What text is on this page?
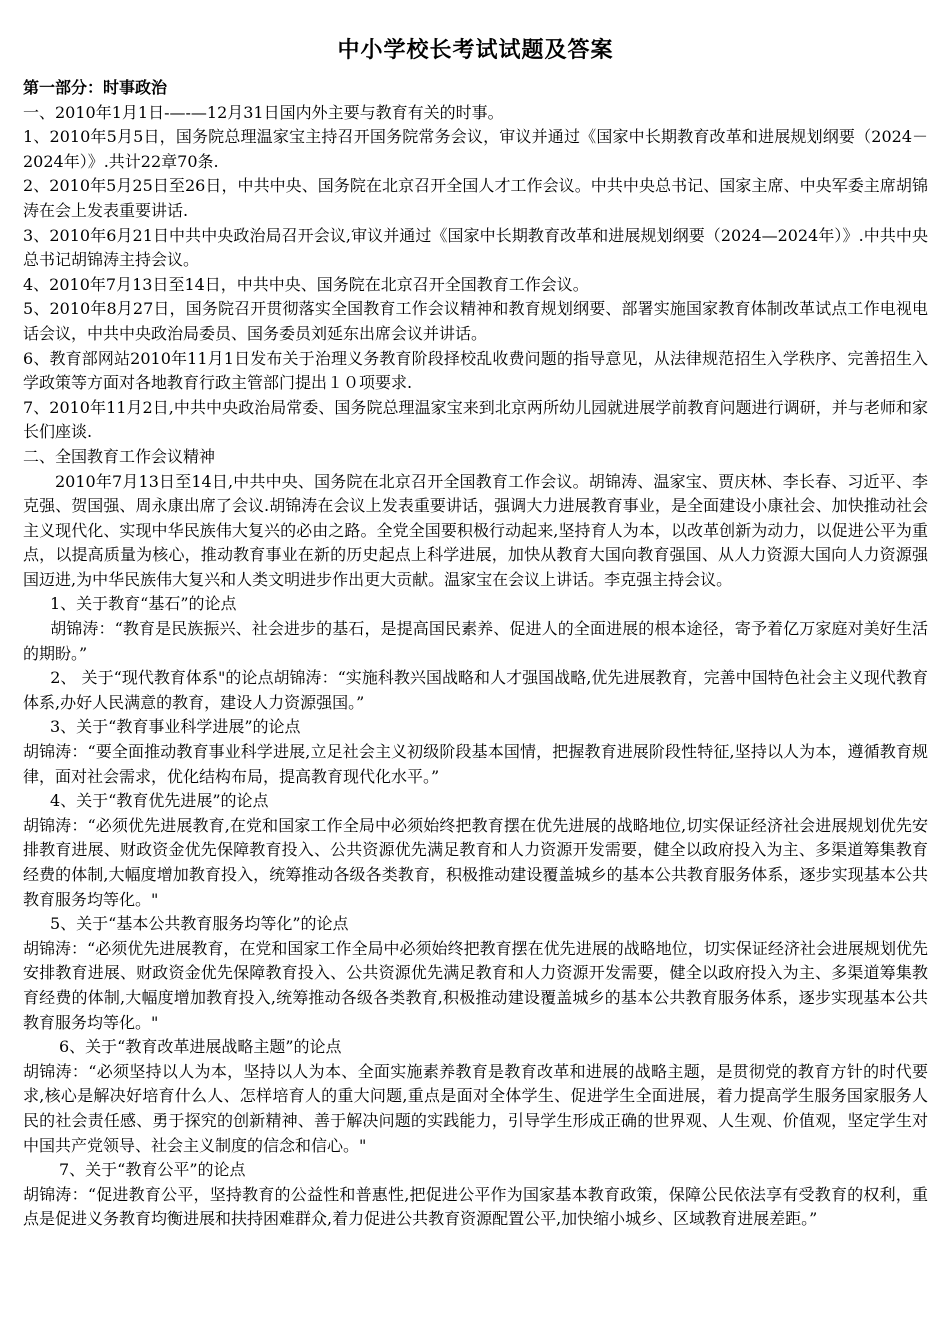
中小学校长考试试题及答案

第一部分：时事政治

一、2010年1月1日-—-—12月31日国内外主要与教育有关的时事。

1、2010年5月5日，国务院总理温家宝主持召开国务院常务会议，审议并通过《国家中长期教育改革和进展规划纲要（2024－2024年）》.共计22章70条.

2、2010年5月25日至26日，中共中央、国务院在北京召开全国人才工作会议。中共中央总书记、国家主席、中央军委主席胡锦涛在会上发表重要讲话.

3、2010年6月21日中共中央政治局召开会议,审议并通过《国家中长期教育改革和进展规划纲要（2024—2024年）》.中共中央总书记胡锦涛主持会议。

4、2010年7月13日至14日，中共中央、国务院在北京召开全国教育工作会议。

5、2010年8月27日，国务院召开贯彻落实全国教育工作会议精神和教育规划纲要、部署实施国家教育体制改革试点工作电视电话会议，中共中央政治局委员、国务委员刘延东出席会议并讲话。

6、教育部网站2010年11月1日发布关于治理义务教育阶段择校乱收费问题的指导意见，从法律规范招生入学秩序、完善招生入学政策等方面对各地教育行政主管部门提出１０项要求.

7、2010年11月2日,中共中央政治局常委、国务院总理温家宝来到北京两所幼儿园就进展学前教育问题进行调研，并与老师和家长们座谈.

二、全国教育工作会议精神

2010年7月13日至14日,中共中央、国务院在北京召开全国教育工作会议。胡锦涛、温家宝、贾庆林、李长春、习近平、李克强、贺国强、周永康出席了会议.胡锦涛在会议上发表重要讲话，强调大力进展教育事业，是全面建设小康社会、加快推动社会主义现代化、实现中华民族伟大复兴的必由之路。全党全国要积极行动起来,坚持育人为本，以改革创新为动力，以促进公平为重点，以提高质量为核心，推动教育事业在新的历史起点上科学进展，加快从教育大国向教育强国、从人力资源大国向人力资源强国迈进,为中华民族伟大复兴和人类文明进步作出更大贡献。温家宝在会议上讲话。李克强主持会议。

1、关于教育“基石”的论点

胡锦涛：“教育是民族振兴、社会进步的基石，是提高国民素养、促进人的全面进展的根本途径，寄予着亿万家庭对美好生活的期盼。”

2、 关于“现代教育体系"的论点胡锦涛：“实施科教兴国战略和人才强国战略,优先进展教育，完善中国特色社会主义现代教育体系,办好人民满意的教育，建设人力资源强国。”

3、关于“教育事业科学进展”的论点

胡锦涛：“要全面推动教育事业科学进展,立足社会主义初级阶段基本国情，把握教育进展阶段性特征,坚持以人为本，遵循教育规律，面对社会需求，优化结构布局，提高教育现代化水平。”

4、关于“教育优先进展”的论点

胡锦涛：“必须优先进展教育,在党和国家工作全局中必须始终把教育摆在优先进展的战略地位,切实保证经济社会进展规划优先安排教育进展、财政资金优先保障教育投入、公共资源优先满足教育和人力资源开发需要，健全以政府投入为主、多渠道筹集教育经费的体制,大幅度增加教育投入，统筹推动各级各类教育，积极推动建设覆盖城乡的基本公共教育服务体系，逐步实现基本公共教育服务均等化。"

5、关于“基本公共教育服务均等化”的论点

胡锦涛：“必须优先进展教育，在党和国家工作全局中必须始终把教育摆在优先进展的战略地位，切实保证经济社会进展规划优先安排教育进展、财政资金优先保障教育投入、公共资源优先满足教育和人力资源开发需要，健全以政府投入为主、多渠道筹集教育经费的体制,大幅度增加教育投入,统筹推动各级各类教育,积极推动建设覆盖城乡的基本公共教育服务体系，逐步实现基本公共教育服务均等化。"

6、关于“教育改革进展战略主题”的论点

胡锦涛：“必须坚持以人为本，坚持以人为本、全面实施素养教育是教育改革和进展的战略主题，是贯彻党的教育方针的时代要求,核心是解决好培育什么人、怎样培育人的重大问题,重点是面对全体学生、促进学生全面进展，着力提高学生服务国家服务人民的社会责任感、勇于探究的创新精神、善于解决问题的实践能力，引导学生形成正确的世界观、人生观、价值观，坚定学生对中国共产党领导、社会主义制度的信念和信心。"

7、关于“教育公平”的论点

胡锦涛：“促进教育公平，坚持教育的公益性和普惠性,把促进公平作为国家基本教育政策，保障公民依法享有受教育的权利，重点是促进义务教育均衡进展和扶持困难群众,着力促进公共教育资源配置公平,加快缩小城乡、区域教育进展差距。”
